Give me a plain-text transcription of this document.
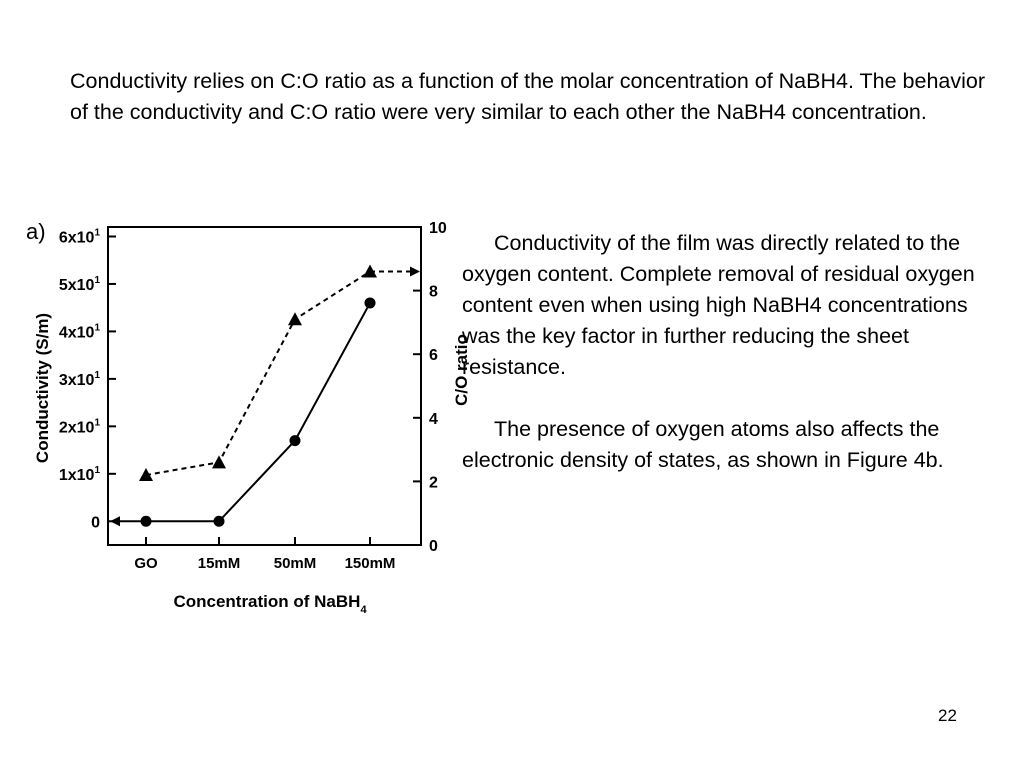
Conductivity relies on C:O ratio as a function of the molar concentration of NaBH4. The behavior of the conductivity and C:O ratio were very similar to each other the NaBH4 concentration.

a)
0
$1x10^1$
$2x10^1$
$3x10^1$
$4x10^1$
$5x10^1$
$6x10^1$
0
2
4
6
8
10
GO	15mM 50mM 150mM
Conductivity (S/m)	C/O ratio
Concentration of NaBH$_4$

Conductivity of the film was directly related to the oxygen content. Complete removal of residual oxygen content even when using high NaBH4 concentrations was the key factor in further reducing the sheet resistance.

The presence of oxygen atoms also affects the electronic density of states, as shown in Figure 4b.

22
